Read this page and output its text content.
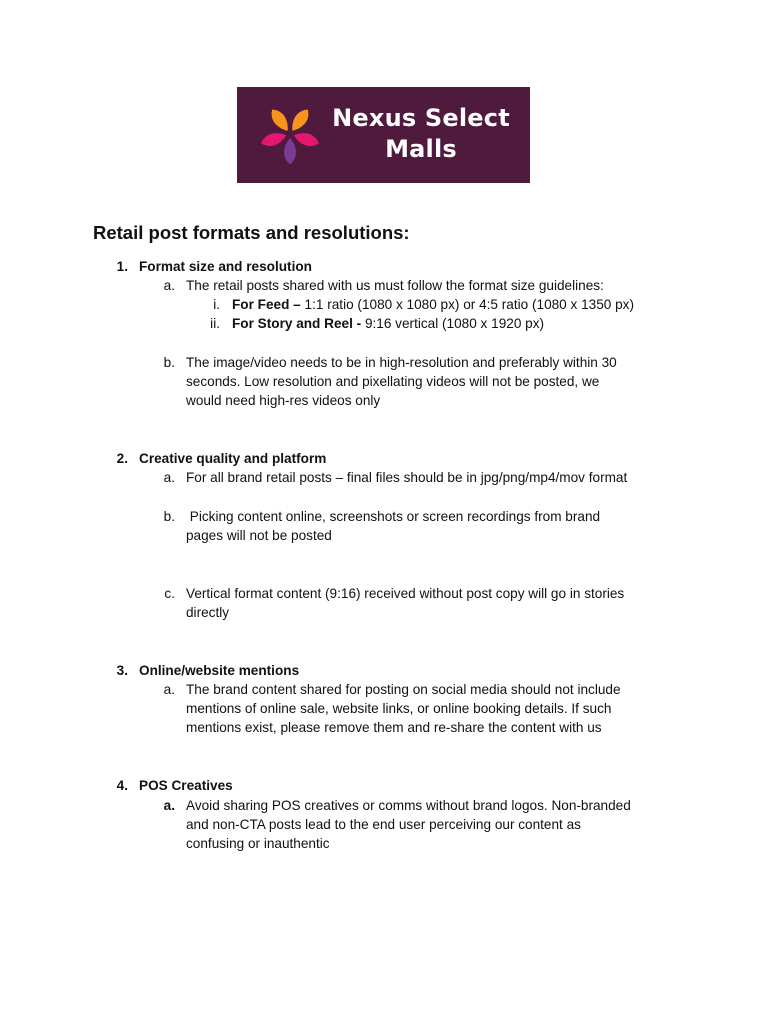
Nexus Select
Malls
Retail post formats and resolutions:
1. Format size and resolution
a. The retail posts shared with us must follow the format size guidelines:
i. For Feed – 1:1 ratio (1080 x 1080 px) or 4:5 ratio (1080 x 1350 px)
ii. For Story and Reel - 9:16 vertical (1080 x 1920 px)
b. The image/video needs to be in high-resolution and preferably within 30
seconds. Low resolution and pixellating videos will not be posted, we
would need high-res videos only
2. Creative quality and platform
a. For all brand retail posts – final files should be in jpg/png/mp4/mov format
b. Picking content online, screenshots or screen recordings from brand
pages will not be posted
c. Vertical format content (9:16) received without post copy will go in stories
directly
3. Online/website mentions
a. The brand content shared for posting on social media should not include
mentions of online sale, website links, or online booking details. If such
mentions exist, please remove them and re-share the content with us
4. POS Creatives
a. Avoid sharing POS creatives or comms without brand logos. Non-branded
and non-CTA posts lead to the end user perceiving our content as
confusing or inauthentic
